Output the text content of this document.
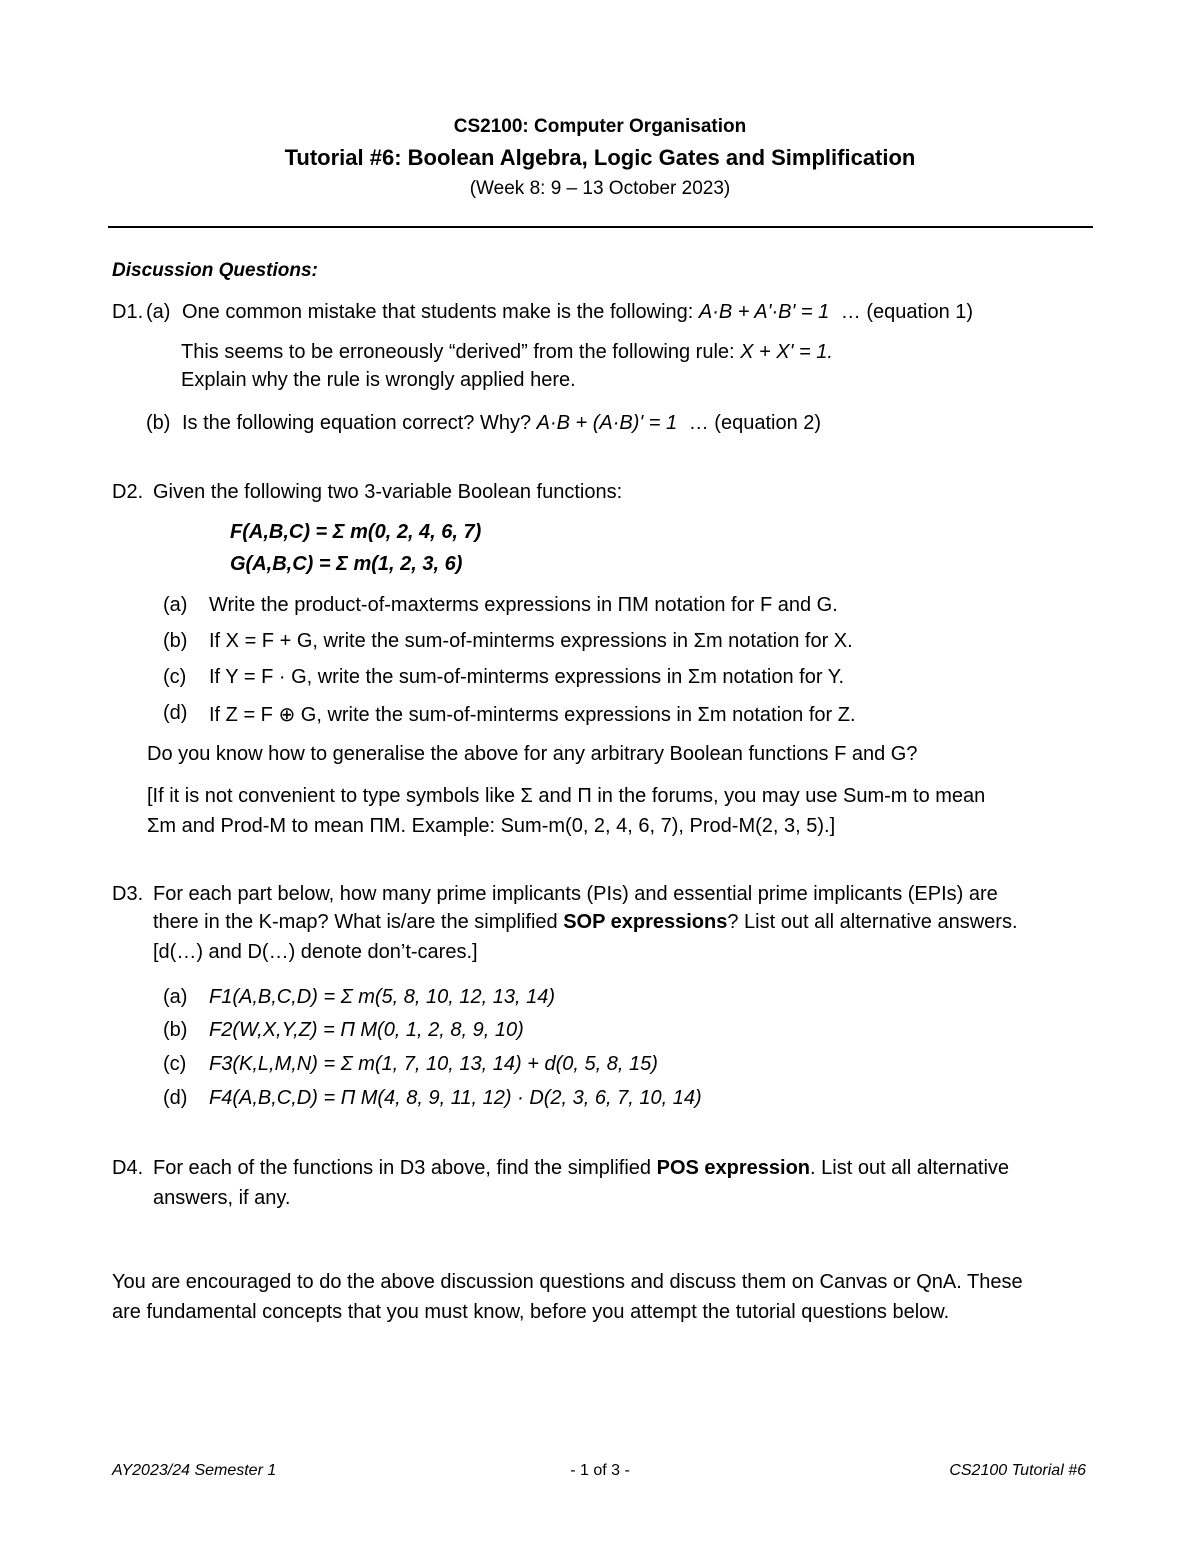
CS2100: Computer Organisation
Tutorial #6: Boolean Algebra, Logic Gates and Simplification
(Week 8: 9 – 13 October 2023)
Discussion Questions:
D1. (a) One common mistake that students make is the following: A·B + A'·B' = 1 … (equation 1)
This seems to be erroneously “derived” from the following rule: X + X' = 1.
Explain why the rule is wrongly applied here.
(b) Is the following equation correct? Why? A·B + (A·B)' = 1 … (equation 2)
D2. Given the following two 3-variable Boolean functions:
F(A,B,C) = Σ m(0, 2, 4, 6, 7)
G(A,B,C) = Σ m(1, 2, 3, 6)
(a) Write the product-of-maxterms expressions in ΠM notation for F and G.
(b) If X = F + G, write the sum-of-minterms expressions in Σm notation for X.
(c) If Y = F · G, write the sum-of-minterms expressions in Σm notation for Y.
(d) If Z = F ⊕ G, write the sum-of-minterms expressions in Σm notation for Z.
Do you know how to generalise the above for any arbitrary Boolean functions F and G?
[If it is not convenient to type symbols like Σ and Π in the forums, you may use Sum-m to mean
Σm and Prod-M to mean ΠM. Example: Sum-m(0, 2, 4, 6, 7), Prod-M(2, 3, 5).]
D3. For each part below, how many prime implicants (PIs) and essential prime implicants (EPIs) are
there in the K-map? What is/are the simplified SOP expressions? List out all alternative answers.
[d(…) and D(…) denote don’t-cares.]
(a) F1(A,B,C,D) = Σ m(5, 8, 10, 12, 13, 14)
(b) F2(W,X,Y,Z) = Π M(0, 1, 2, 8, 9, 10)
(c) F3(K,L,M,N) = Σ m(1, 7, 10, 13, 14) + d(0, 5, 8, 15)
(d) F4(A,B,C,D) = Π M(4, 8, 9, 11, 12) · D(2, 3, 6, 7, 10, 14)
D4. For each of the functions in D3 above, find the simplified POS expression. List out all alternative
answers, if any.
You are encouraged to do the above discussion questions and discuss them on Canvas or QnA. These
are fundamental concepts that you must know, before you attempt the tutorial questions below.
AY2023/24 Semester 1	- 1 of 3 -	CS2100 Tutorial #6
